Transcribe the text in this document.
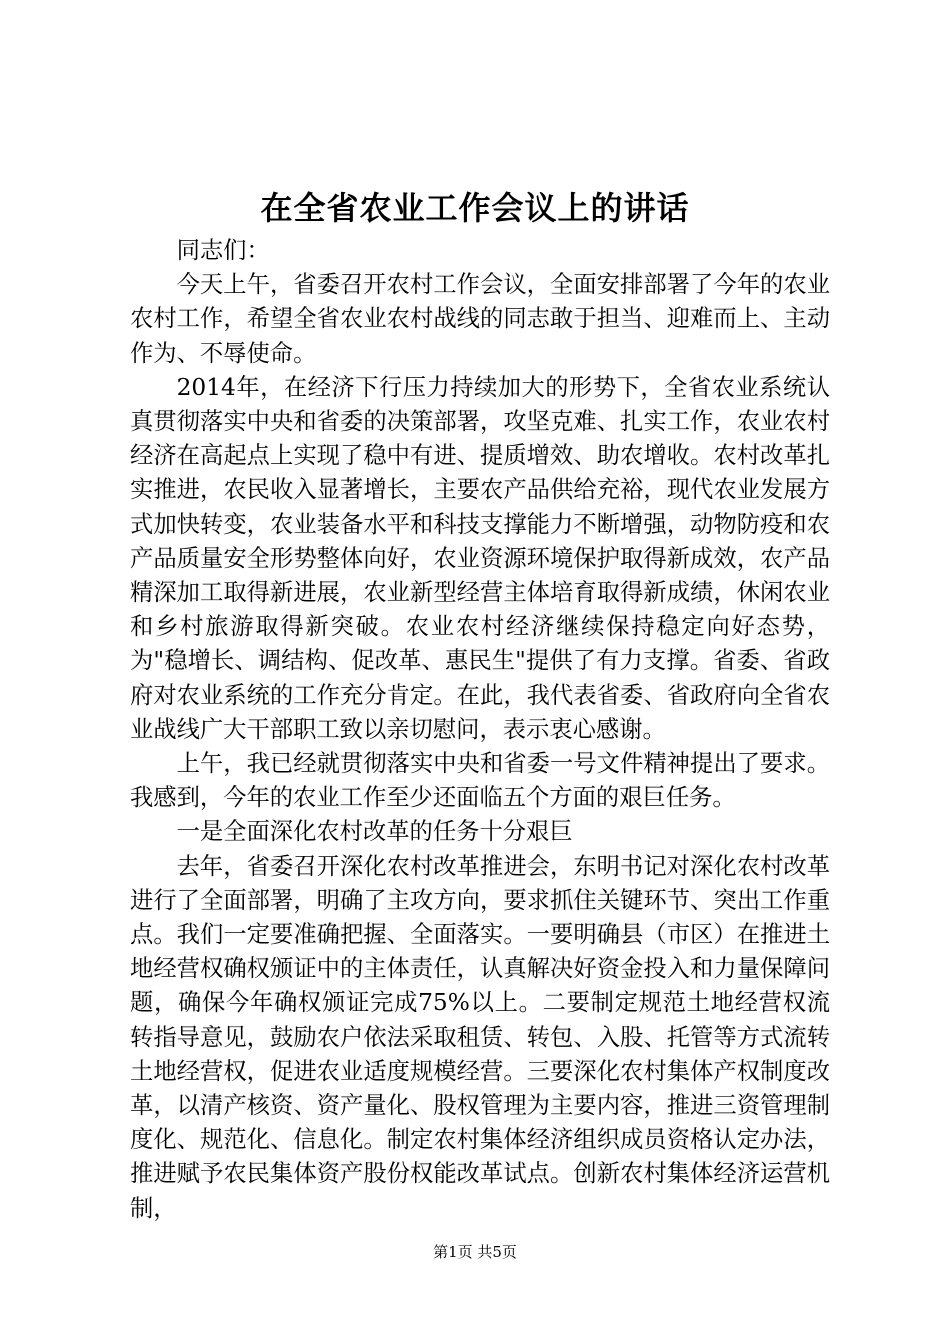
在全省农业工作会议上的讲话

同志们：

今天上午，省委召开农村工作会议，全面安排部署了今年的农业农村工作，希望全省农业农村战线的同志敢于担当、迎难而上、主动作为、不辱使命。

2014年，在经济下行压力持续加大的形势下，全省农业系统认真贯彻落实中央和省委的决策部署，攻坚克难、扎实工作，农业农村经济在高起点上实现了稳中有进、提质增效、助农增收。农村改革扎实推进，农民收入显著增长，主要农产品供给充裕，现代农业发展方式加快转变，农业装备水平和科技支撑能力不断增强，动物防疫和农产品质量安全形势整体向好，农业资源环境保护取得新成效，农产品精深加工取得新进展，农业新型经营主体培育取得新成绩，休闲农业和乡村旅游取得新突破。农业农村经济继续保持稳定向好态势，为"稳增长、调结构、促改革、惠民生"提供了有力支撑。省委、省政府对农业系统的工作充分肯定。在此，我代表省委、省政府向全省农业战线广大干部职工致以亲切慰问，表示衷心感谢。

上午，我已经就贯彻落实中央和省委一号文件精神提出了要求。我感到，今年的农业工作至少还面临五个方面的艰巨任务。

一是全面深化农村改革的任务十分艰巨

去年，省委召开深化农村改革推进会，东明书记对深化农村改革进行了全面部署，明确了主攻方向，要求抓住关键环节、突出工作重点。我们一定要准确把握、全面落实。一要明确县（市区）在推进土地经营权确权颁证中的主体责任，认真解决好资金投入和力量保障问题，确保今年确权颁证完成75%以上。二要制定规范土地经营权流转指导意见，鼓励农户依法采取租赁、转包、入股、托管等方式流转土地经营权，促进农业适度规模经营。三要深化农村集体产权制度改革，以清产核资、资产量化、股权管理为主要内容，推进三资管理制度化、规范化、信息化。制定农村集体经济组织成员资格认定办法，推进赋予农民集体资产股份权能改革试点。创新农村集体经济运营机制，

第1页 共5页
